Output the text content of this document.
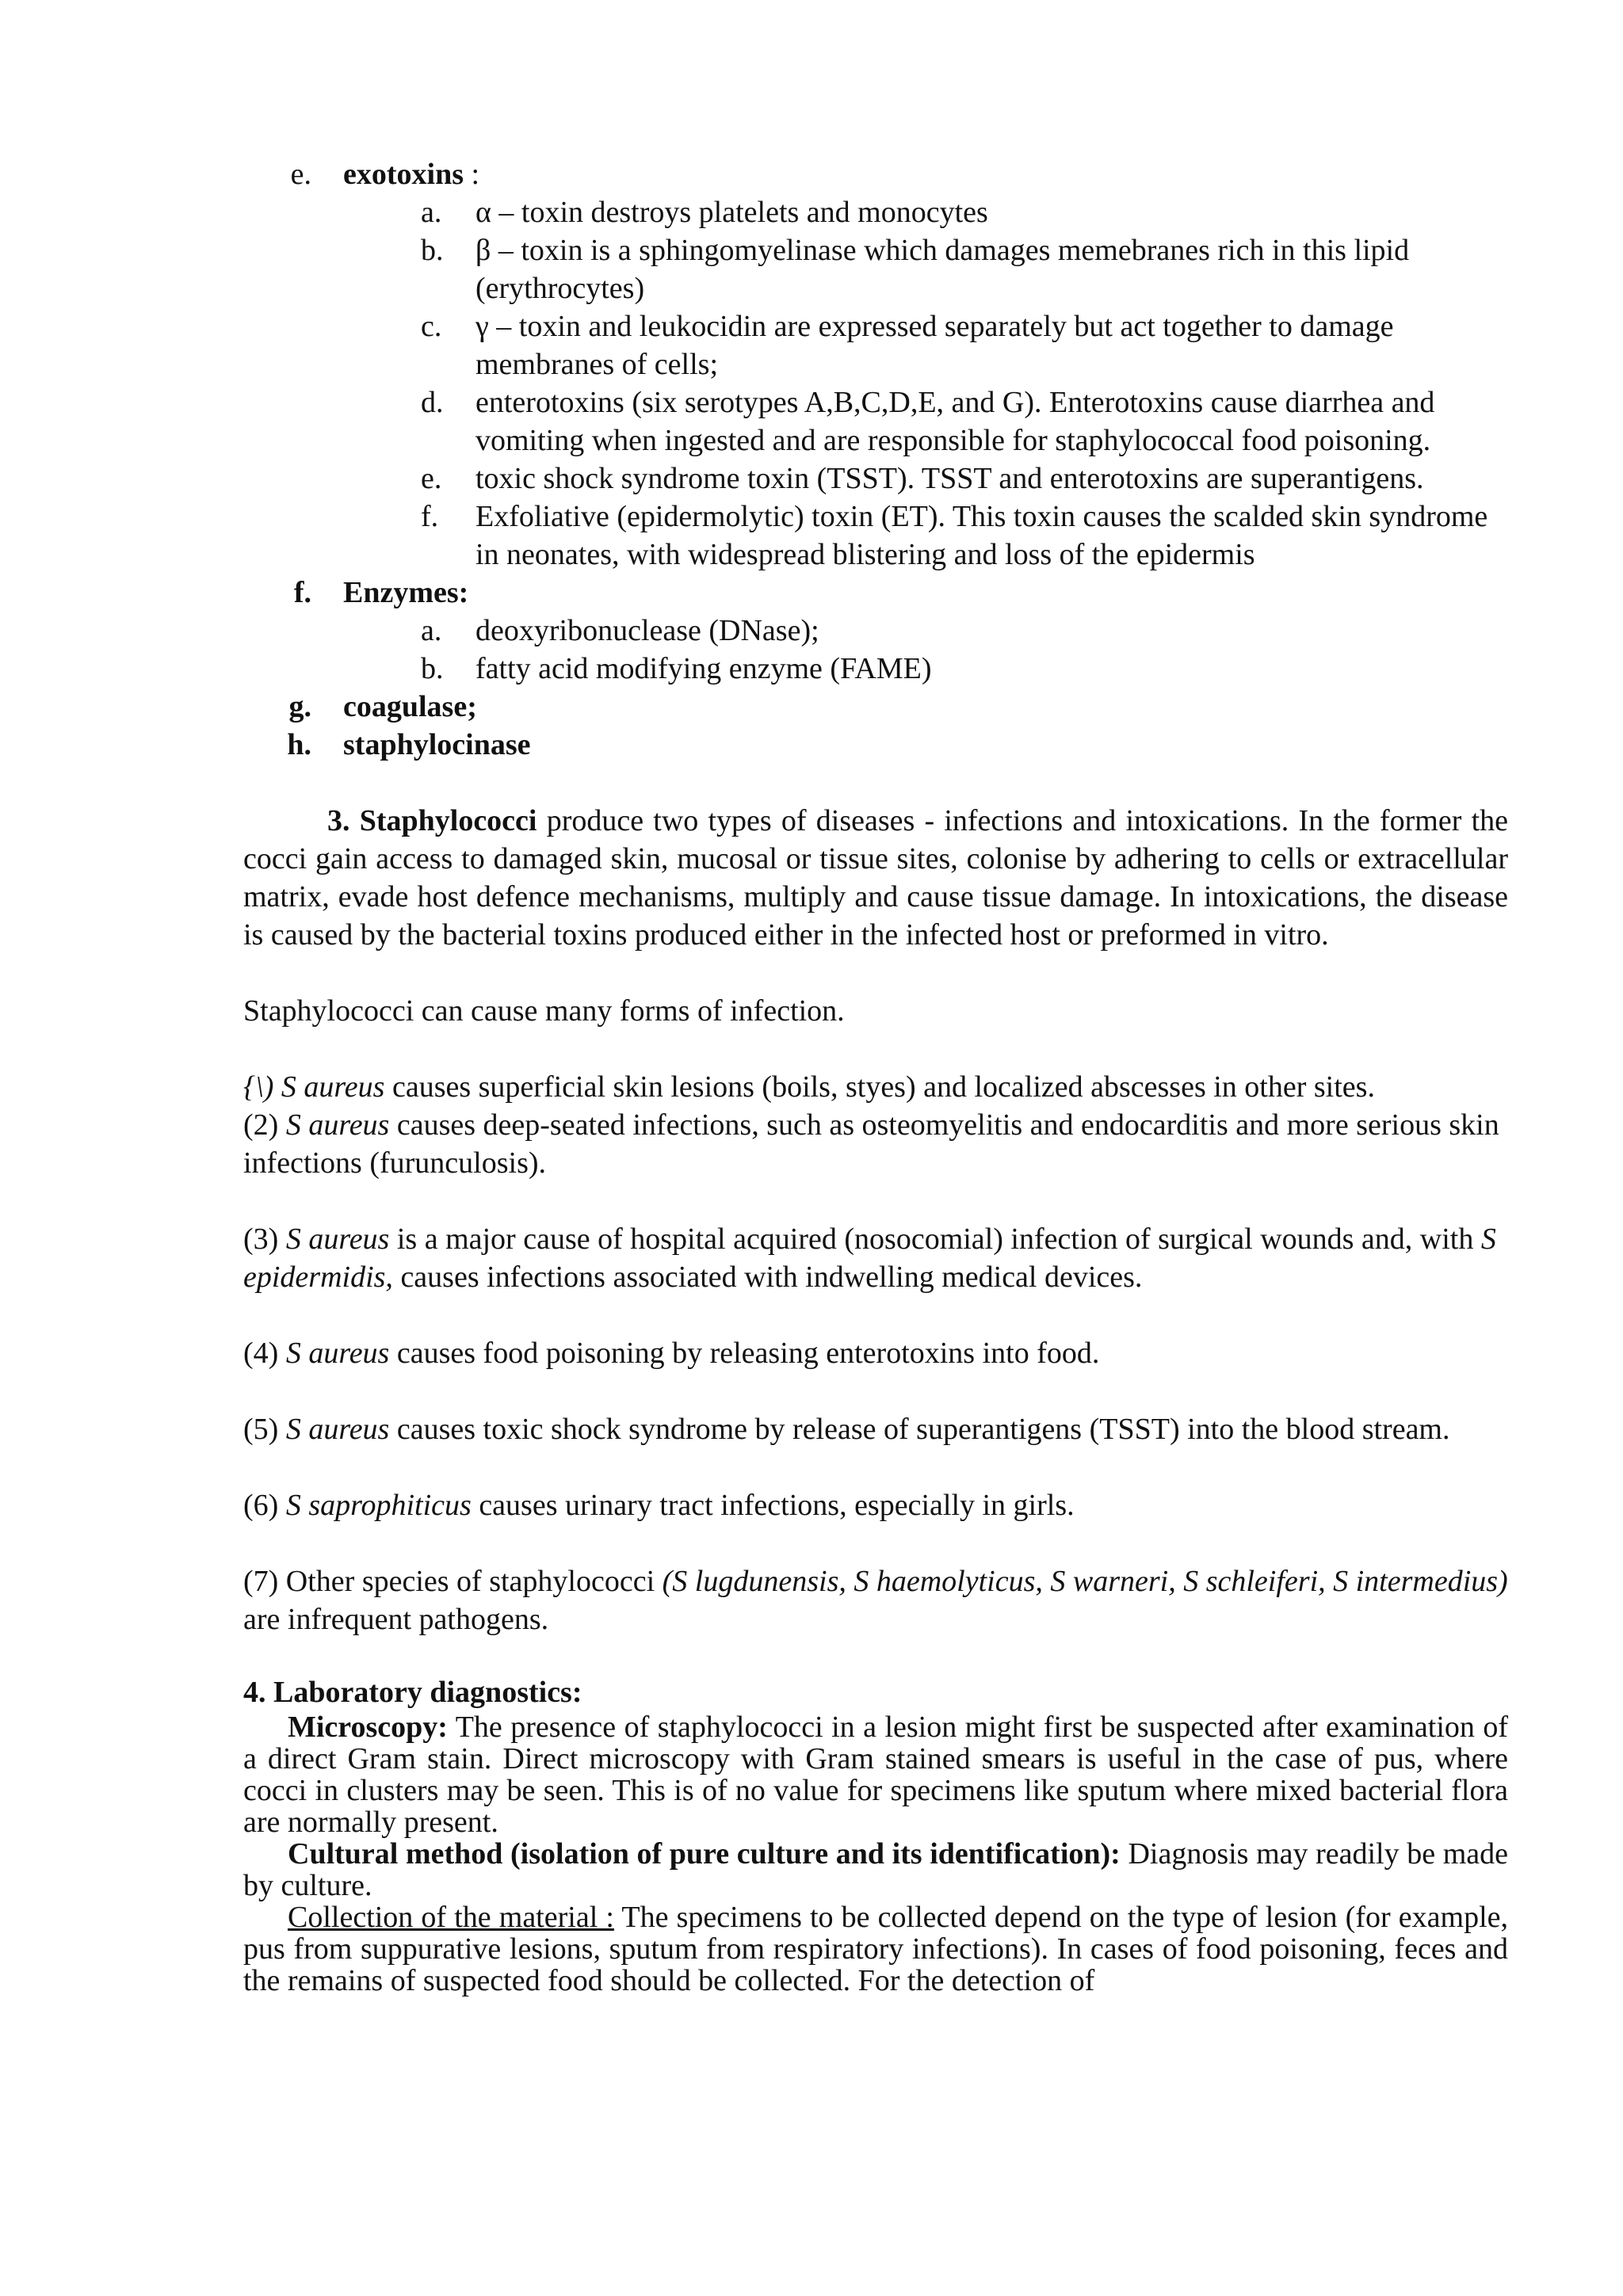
e. exotoxins :
a.	α – toxin destroys platelets and monocytes
b.	β – toxin is a sphingomyelinase which damages memebranes rich in this lipid (erythrocytes)
c.	γ – toxin and leukocidin are expressed separately but act together to damage membranes of cells;
d.	enterotoxins (six serotypes A,B,C,D,E, and G). Enterotoxins cause diarrhea and vomiting when ingested and are responsible for staphylococcal food poisoning.
e.	toxic shock syndrome toxin (TSST). TSST and enterotoxins are superantigens.
f.	Exfoliative (epidermolytic) toxin (ET). This toxin causes the scalded skin syndrome in neonates, with widespread blistering and loss of the epidermis
f. Enzymes:
a.	deoxyribonuclease (DNase);
b.	fatty acid modifying enzyme (FAME)
g. coagulase;
h. staphylocinase

3. Staphylococci produce two types of diseases - infections and intoxications. In the former the cocci gain access to damaged skin, mucosal or tissue sites, colonise by adhering to cells or extracellular matrix, evade host defence mechanisms, multiply and cause tissue damage. In intoxications, the disease is caused by the bacterial toxins produced either in the infected host or preformed in vitro.

Staphylococci can cause many forms of infection.

{\) S aureus causes superficial skin lesions (boils, styes) and localized abscesses in other sites.

(2) S aureus causes deep-seated infections, such as osteomyelitis and endocarditis and more serious skin infections (furunculosis).

(3) S aureus is a major cause of hospital acquired (nosocomial) infection of surgical wounds and, with S epidermidis, causes infections associated with indwelling medical devices.

(4) S aureus causes food poisoning by releasing enterotoxins into food.

(5) S aureus causes toxic shock syndrome by release of superantigens (TSST) into the blood stream.

(6) S saprophiticus causes urinary tract infections, especially in girls.

(7) Other species of staphylococci (S lugdunensis, S haemolyticus, S warneri, S schleiferi, S intermedius) are infrequent pathogens.

4. Laboratory diagnostics:

Microscopy: The presence of staphylococci in a lesion might first be suspected after examination of a direct Gram stain. Direct microscopy with Gram stained smears is useful in the case of pus, where cocci in clusters may be seen. This is of no value for specimens like sputum where mixed bacterial flora are normally present.

Cultural method (isolation of pure culture and its identification): Diagnosis may readily be made by culture.

Collection of the material : The specimens to be collected depend on the type of lesion (for example, pus from suppurative lesions, sputum from respiratory infections). In cases of food poisoning, feces and the remains of suspected food should be collected. For the detection of
